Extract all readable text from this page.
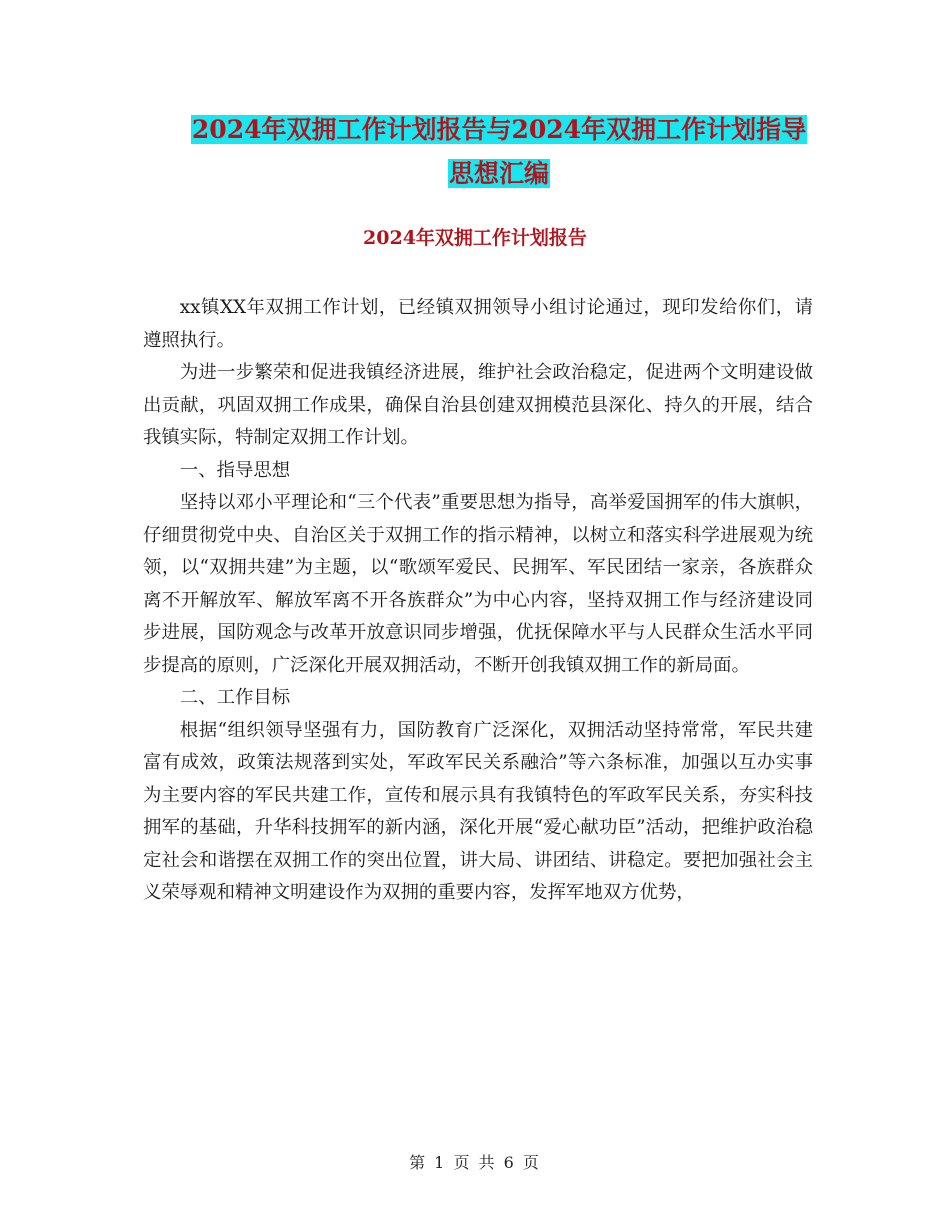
2024年双拥工作计划报告与2024年双拥工作计划指导
思想汇编
2024年双拥工作计划报告

xx镇XX年双拥工作计划，已经镇双拥领导小组讨论通过，现印发给你们，请遵照执行。

为进一步繁荣和促进我镇经济进展，维护社会政治稳定，促进两个文明建设做出贡献，巩固双拥工作成果，确保自治县创建双拥模范县深化、持久的开展，结合我镇实际，特制定双拥工作计划。

一、指导思想

坚持以邓小平理论和“三个代表”重要思想为指导，高举爱国拥军的伟大旗帜，仔细贯彻党中央、自治区关于双拥工作的指示精神，以树立和落实科学进展观为统领，以“双拥共建”为主题，以“歌颂军爱民、民拥军、军民团结一家亲，各族群众离不开解放军、解放军离不开各族群众”为中心内容，坚持双拥工作与经济建设同步进展，国防观念与改革开放意识同步增强，优抚保障水平与人民群众生活水平同步提高的原则，广泛深化开展双拥活动，不断开创我镇双拥工作的新局面。

二、工作目标

根据“组织领导坚强有力，国防教育广泛深化，双拥活动坚持常常，军民共建富有成效，政策法规落到实处，军政军民关系融洽”等六条标准，加强以互办实事为主要内容的军民共建工作，宣传和展示具有我镇特色的军政军民关系，夯实科技拥军的基础，升华科技拥军的新内涵，深化开展“爱心献功臣”活动，把维护政治稳定社会和谐摆在双拥工作的突出位置，讲大局、讲团结、讲稳定。要把加强社会主义荣辱观和精神文明建设作为双拥的重要内容，发挥军地双方优势，

第 1 页 共 6 页
